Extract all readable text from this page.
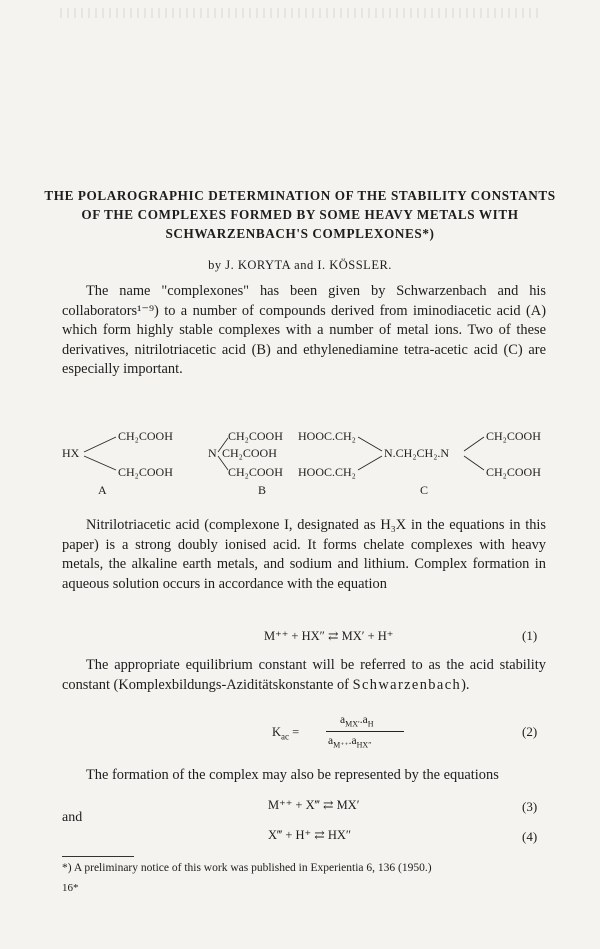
THE POLAROGRAPHIC DETERMINATION OF THE STABILITY CONSTANTS OF THE COMPLEXES FORMED BY SOME HEAVY METALS WITH SCHWARZENBACH'S COMPLEXONES*)
by J. KORYTA and I. KÖSSLER.

The name "complexones" has been given by Schwarzenbach and his collaborators¹⁻⁹) to a number of compounds derived from iminodiacetic acid (A) which form highly stable complexes with a number of metal ions. Two of these derivatives, nitrilotriacetic acid (B) and ethylenediamine tetra-acetic acid (C) are especially important.

HX
CH₂COOH
CH₂COOH
A
N
CH₂COOH
CH₂COOH
CH₂COOH
B
HOOC.CH₂
HOOC.CH₂
N.CH₂CH₂.N
CH₂COOH
CH₂COOH
C

Nitrilotriacetic acid (complexone I, designated as H₃X in the equations in this paper) is a strong doubly ionised acid. It forms chelate complexes with heavy metals, the alkaline earth metals, and sodium and lithium. Complex formation in aqueous solution occurs in accordance with the equation

M⁺⁺ + HX″ ⇄ MX′ + H⁺	(1)

The appropriate equilibrium constant will be referred to as the acid stability constant (Komplexbildungs-Aziditätskonstante of Schwarzenbach).

$K_{ac}$ =
$a_{MX'}.a_H$
$a_{M^{++}}.a_{HX''}$
(2)

The formation of the complex may also be represented by the equations

M⁺⁺ + X‴ ⇄ MX′	(3)
and
X‴ + H⁺ ⇄ HX″	(4)
*) A preliminary notice of this work was published in Experientia 6, 136 (1950.)
16*
